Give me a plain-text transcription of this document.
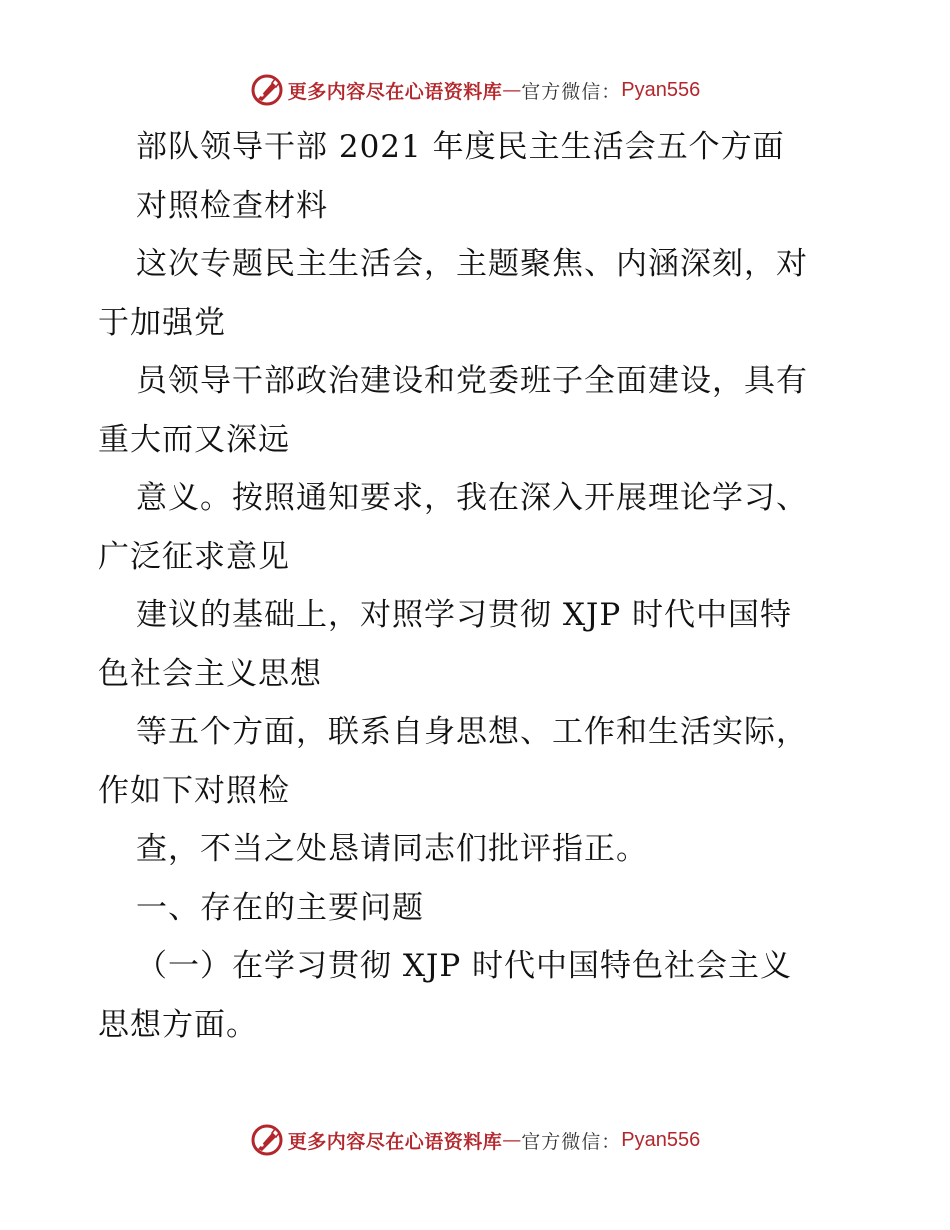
更多内容尽在心语资料库 — 官方微信： Pyan556
部队领导干部 2021 年度民主生活会五个方面
对照检查材料
这次专题民主生活会，主题聚焦、内涵深刻，对
于加强党
员领导干部政治建设和党委班子全面建设，具有
重大而又深远
意义。按照通知要求，我在深入开展理论学习、
广泛征求意见
建议的基础上，对照学习贯彻 XJP 时代中国特
色社会主义思想
等五个方面，联系自身思想、工作和生活实际，
作如下对照检
查，不当之处恳请同志们批评指正。
一、存在的主要问题
（一）在学习贯彻 XJP 时代中国特色社会主义
思想方面。
更多内容尽在心语资料库 — 官方微信： Pyan556
